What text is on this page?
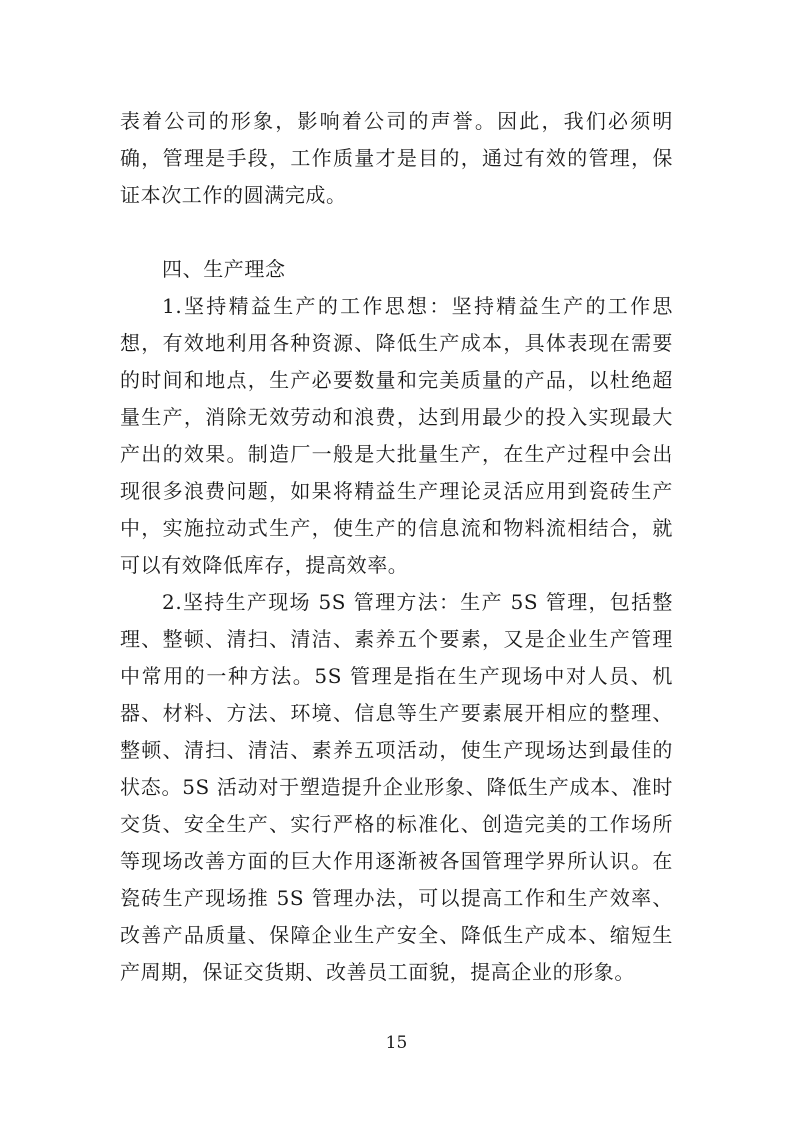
表着公司的形象，影响着公司的声誉。因此，我们必须明确，管理是手段，工作质量才是目的，通过有效的管理，保证本次工作的圆满完成。

四、生产理念

1.坚持精益生产的工作思想：坚持精益生产的工作思想，有效地利用各种资源、降低生产成本，具体表现在需要的时间和地点，生产必要数量和完美质量的产品，以杜绝超量生产，消除无效劳动和浪费，达到用最少的投入实现最大产出的效果。制造厂一般是大批量生产，在生产过程中会出现很多浪费问题，如果将精益生产理论灵活应用到瓷砖生产中，实施拉动式生产，使生产的信息流和物料流相结合，就可以有效降低库存，提高效率。

2.坚持生产现场 5S 管理方法：生产 5S 管理，包括整理、整顿、清扫、清洁、素养五个要素，又是企业生产管理中常用的一种方法。5S 管理是指在生产现场中对人员、机器、材料、方法、环境、信息等生产要素展开相应的整理、整顿、清扫、清洁、素养五项活动，使生产现场达到最佳的状态。5S 活动对于塑造提升企业形象、降低生产成本、准时交货、安全生产、实行严格的标准化、创造完美的工作场所等现场改善方面的巨大作用逐渐被各国管理学界所认识。在瓷砖生产现场推 5S 管理办法，可以提高工作和生产效率、改善产品质量、保障企业生产安全、降低生产成本、缩短生产周期，保证交货期、改善员工面貌，提高企业的形象。

15
